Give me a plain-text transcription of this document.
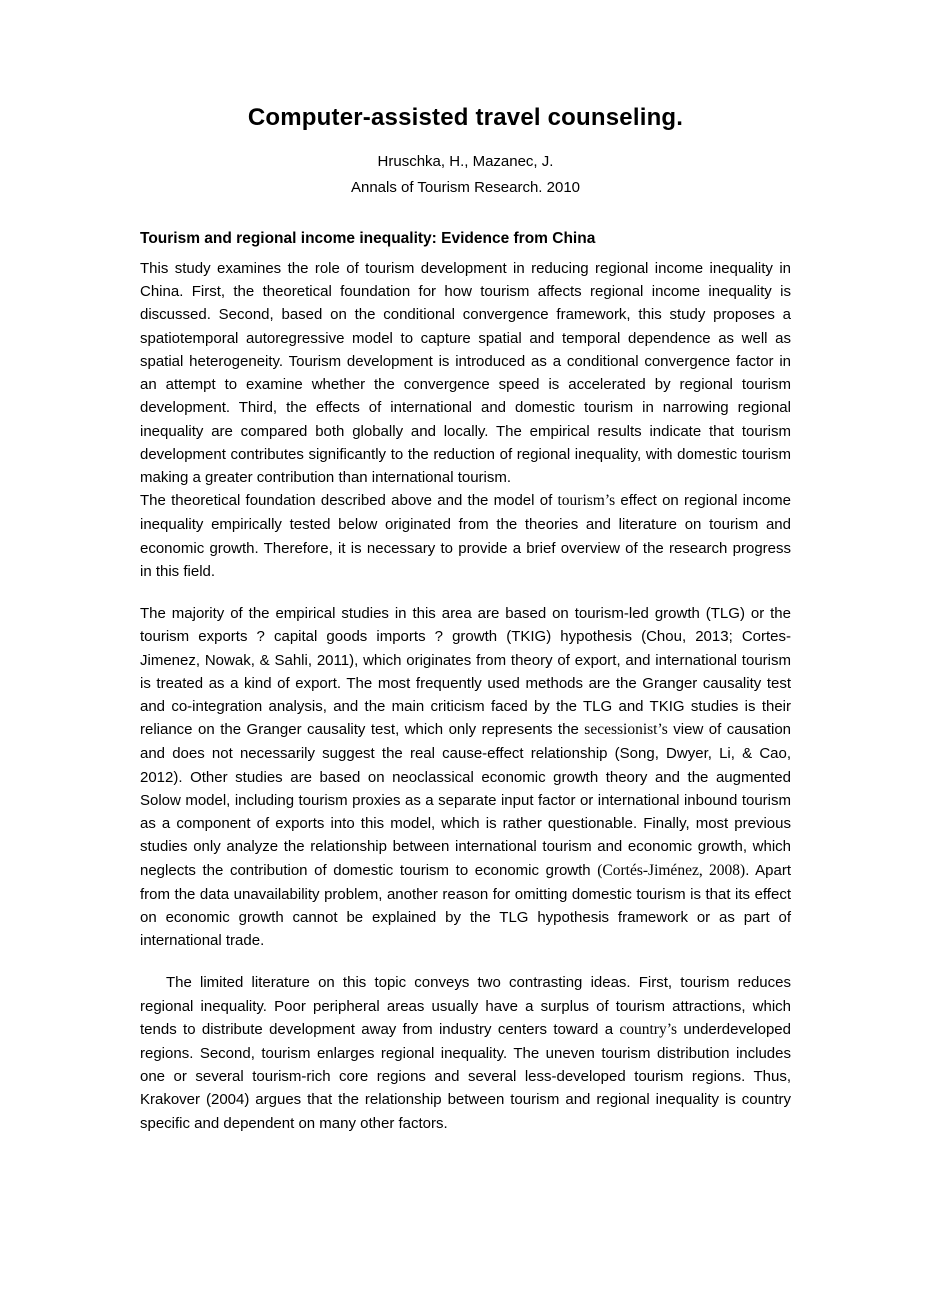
Computer-assisted travel counseling.
Hruschka, H., Mazanec, J.
Annals of Tourism Research. 2010
Tourism and regional income inequality: Evidence from China

This study examines the role of tourism development in reducing regional income inequality in China. First, the theoretical foundation for how tourism affects regional income inequality is discussed. Second, based on the conditional convergence framework, this study proposes a spatiotemporal autoregressive model to capture spatial and temporal dependence as well as spatial heterogeneity. Tourism development is introduced as a conditional convergence factor in an attempt to examine whether the convergence speed is accelerated by regional tourism development. Third, the effects of international and domestic tourism in narrowing regional inequality are compared both globally and locally. The empirical results indicate that tourism development contributes significantly to the reduction of regional inequality, with domestic tourism making a greater contribution than international tourism.

The theoretical foundation described above and the model of tourism’s effect on regional income inequality empirically tested below originated from the theories and literature on tourism and economic growth. Therefore, it is necessary to provide a brief overview of the research progress in this field.

The majority of the empirical studies in this area are based on tourism-led growth (TLG) or the tourism exports ? capital goods imports ? growth (TKIG) hypothesis (Chou, 2013; Cortes-Jimenez, Nowak, & Sahli, 2011), which originates from theory of export, and international tourism is treated as a kind of export. The most frequently used methods are the Granger causality test and co-integration analysis, and the main criticism faced by the TLG and TKIG studies is their reliance on the Granger causality test, which only represents the secessionist’s view of causation and does not necessarily suggest the real cause-effect relationship (Song, Dwyer, Li, & Cao, 2012). Other studies are based on neoclassical economic growth theory and the augmented Solow model, including tourism proxies as a separate input factor or international inbound tourism as a component of exports into this model, which is rather questionable. Finally, most previous studies only analyze the relationship between international tourism and economic growth, which neglects the contribution of domestic tourism to economic growth (Cortés-Jiménez, 2008). Apart from the data unavailability problem, another reason for omitting domestic tourism is that its effect on economic growth cannot be explained by the TLG hypothesis framework or as part of international trade.

The limited literature on this topic conveys two contrasting ideas. First, tourism reduces regional inequality. Poor peripheral areas usually have a surplus of tourism attractions, which tends to distribute development away from industry centers toward a country’s underdeveloped regions. Second, tourism enlarges regional inequality. The uneven tourism distribution includes one or several tourism-rich core regions and several less-developed tourism regions. Thus, Krakover (2004) argues that the relationship between tourism and regional inequality is country specific and dependent on many other factors.
